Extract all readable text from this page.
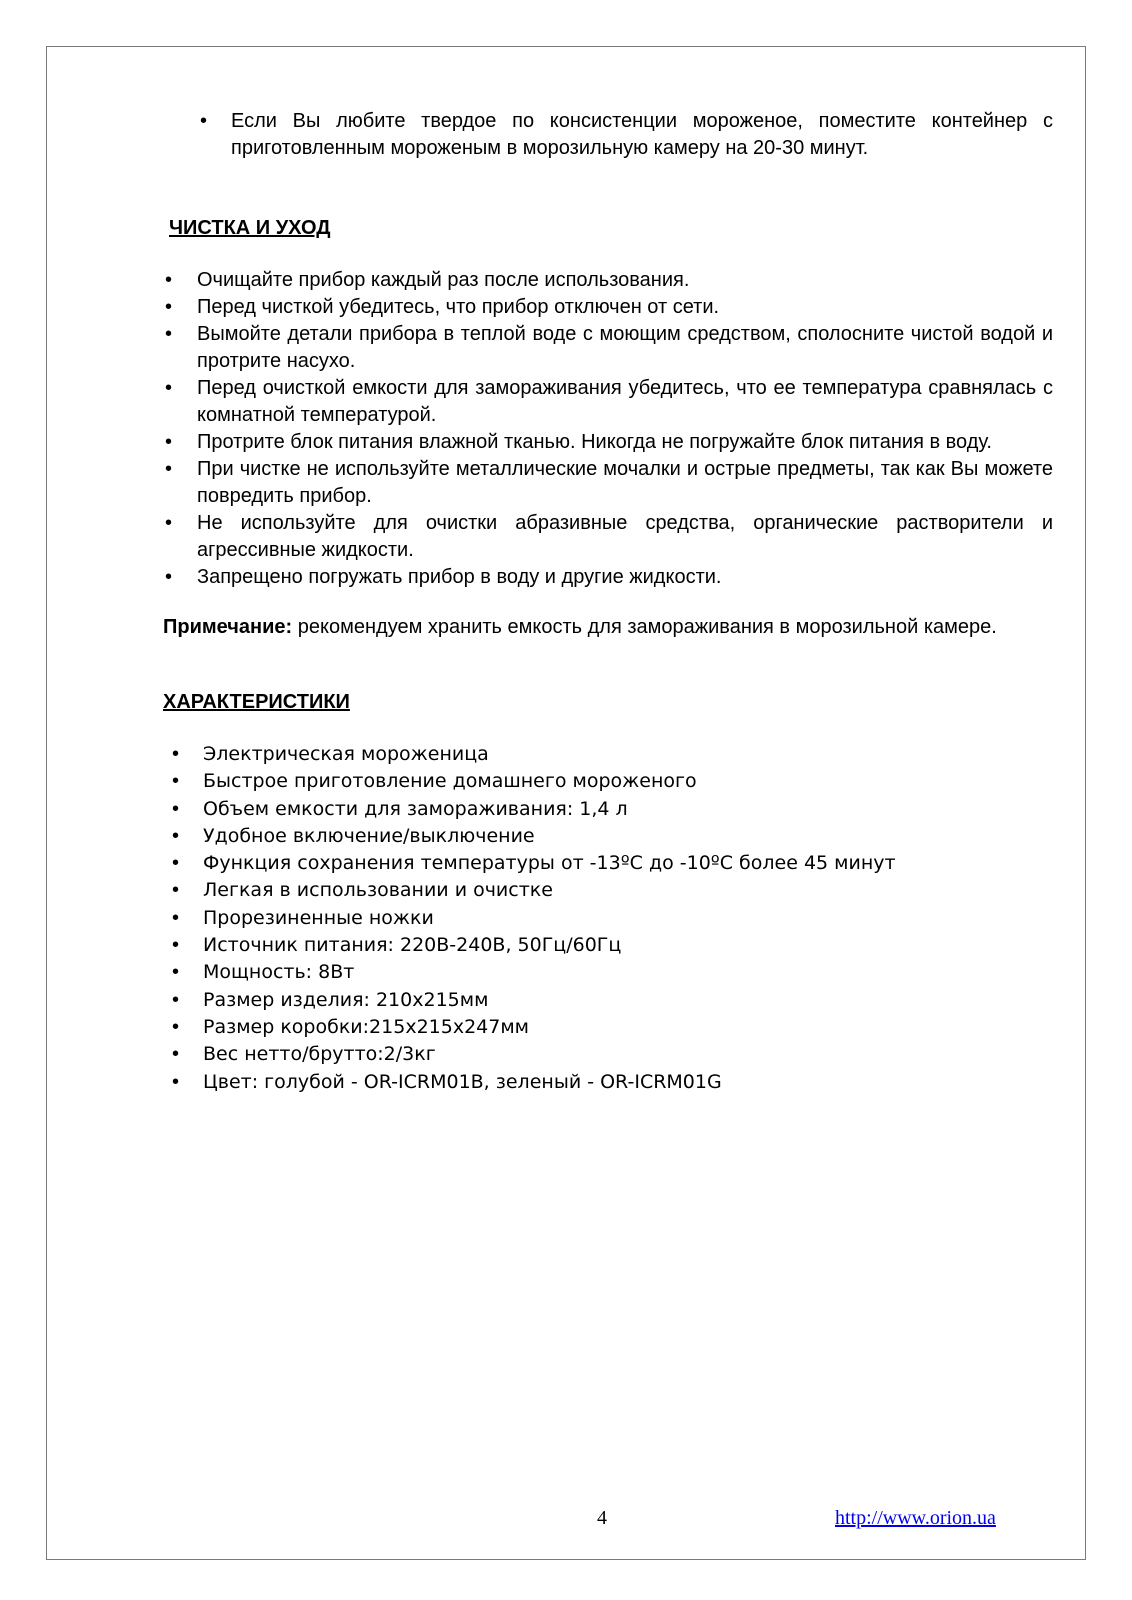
• Если Вы любите твердое по консистенции мороженое, поместите контейнер с приготовленным мороженым в морозильную камеру на 20-30 минут.
ЧИСТКА И УХОД
• Очищайте прибор каждый раз после использования.
• Перед чисткой убедитесь, что прибор отключен от сети.
• Вымойте детали прибора в теплой воде с моющим средством, сполосните чистой водой и протрите насухо.
• Перед очисткой емкости для замораживания убедитесь, что ее температура сравнялась с комнатной температурой.
• Протрите блок питания влажной тканью. Никогда не погружайте блок питания в воду.
• При чистке не используйте металлические мочалки и острые предметы, так как Вы можете повредить прибор.
• Не используйте для очистки абразивные средства, органические растворители и агрессивные жидкости.
• Запрещено погружать прибор в воду и другие жидкости.
Примечание: рекомендуем хранить емкость для замораживания в морозильной камере.
ХАРАКТЕРИСТИКИ
• Электрическая мороженица
• Быстрое приготовление домашнего мороженого
• Объем емкости для замораживания: 1,4 л
• Удобное включение/выключение
• Функция сохранения температуры от -13ºC до -10ºC более 45 минут
• Легкая в использовании и очистке
• Прорезиненные ножки
• Источник питания: 220В-240В, 50Гц/60Гц
• Мощность: 8Вт
• Размер изделия: 210х215мм
• Размер коробки:215х215х247мм
• Вес нетто/брутто:2/3кг
• Цвет: голубой - OR-ICRM01B, зеленый - OR-ICRM01G
4	http://www.orion.ua
